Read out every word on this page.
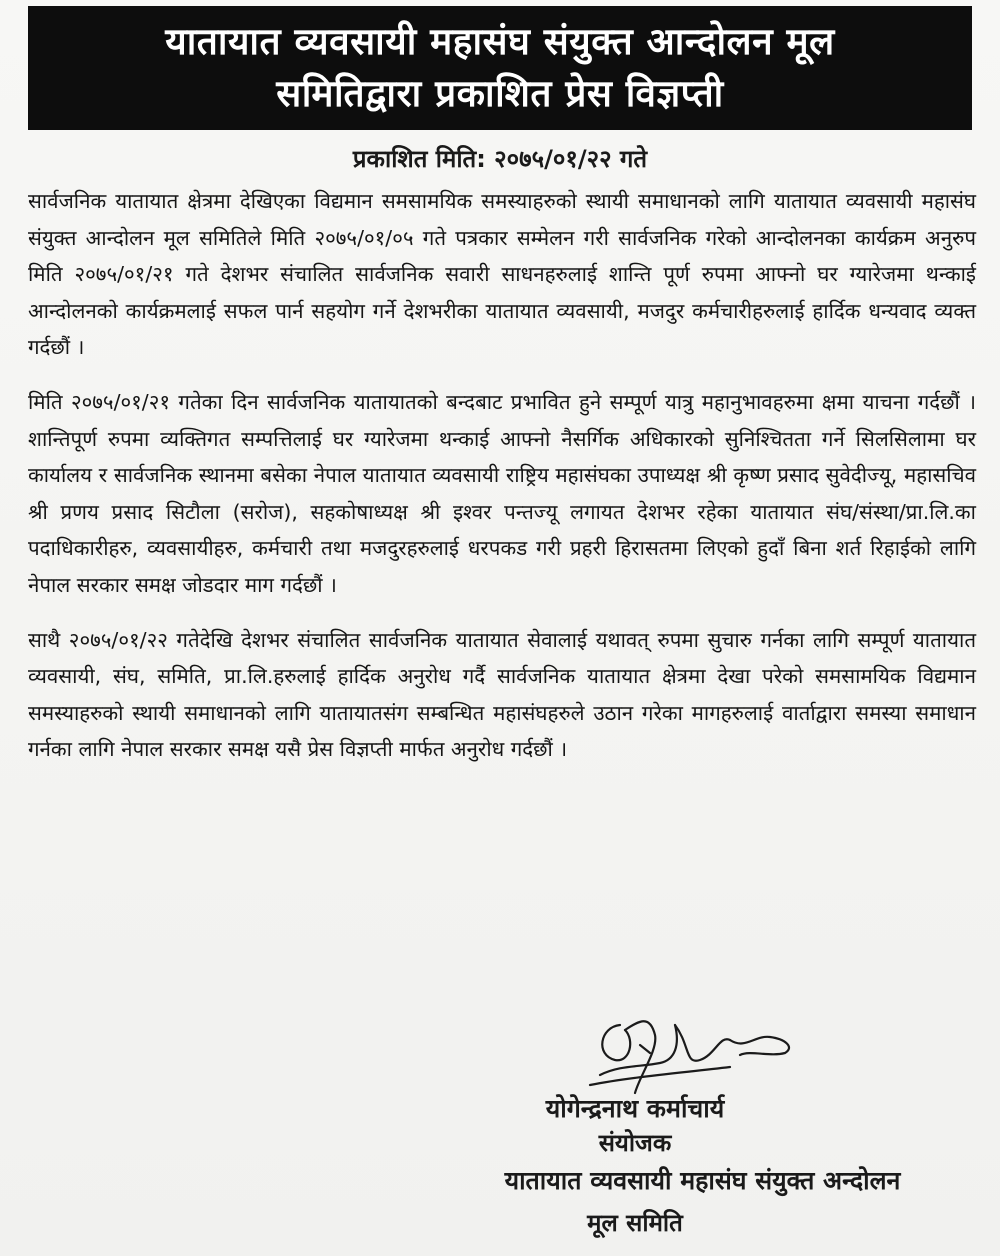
यातायात व्यवसायी महासंघ संयुक्त आन्दोलन मूल
समितिद्वारा प्रकाशित प्रेस विज्ञप्ती
प्रकाशित मिति: २०७५/०१/२२ गते

सार्वजनिक यातायात क्षेत्रमा देखिएका विद्यमान समसामयिक समस्याहरुको स्थायी समाधानको लागि यातायात व्यवसायी महासंघ संयुक्त आन्दोलन मूल समितिले मिति २०७५/०१/०५ गते पत्रकार सम्मेलन गरी सार्वजनिक गरेको आन्दोलनका कार्यक्रम अनुरुप मिति २०७५/०१/२१ गते देशभर संचालित सार्वजनिक सवारी साधनहरुलाई शान्ति पूर्ण रुपमा आफ्नो घर ग्यारेजमा थन्काई आन्दोलनको कार्यक्रमलाई सफल पार्न सहयोग गर्ने देशभरीका यातायात व्यवसायी, मजदुर कर्मचारीहरुलाई हार्दिक धन्यवाद व्यक्त गर्दछौं ।

मिति २०७५/०१/२१ गतेका दिन सार्वजनिक यातायातको बन्दबाट प्रभावित हुने सम्पूर्ण यात्रु महानुभावहरुमा क्षमा याचना गर्दछौं । शान्तिपूर्ण रुपमा व्यक्तिगत सम्पत्तिलाई घर ग्यारेजमा थन्काई आफ्नो नैसर्गिक अधिकारको सुनिश्चितता गर्ने सिलसिलामा घर कार्यालय र सार्वजनिक स्थानमा बसेका नेपाल यातायात व्यवसायी राष्ट्रिय महासंघका उपाध्यक्ष श्री कृष्ण प्रसाद सुवेदीज्यू, महासचिव श्री प्रणय प्रसाद सिटौला (सरोज), सहकोषाध्यक्ष श्री इश्वर पन्तज्यू लगायत देशभर रहेका यातायात संघ/संस्था/प्रा.लि.का पदाधिकारीहरु, व्यवसायीहरु, कर्मचारी तथा मजदुरहरुलाई धरपकड गरी प्रहरी हिरासतमा लिएको हुदाँ बिना शर्त रिहाईको लागि नेपाल सरकार समक्ष जोडदार माग गर्दछौं ।

साथै २०७५/०१/२२ गतेदेखि देशभर संचालित सार्वजनिक यातायात सेवालाई यथावत् रुपमा सुचारु गर्नका लागि सम्पूर्ण यातायात व्यवसायी, संघ, समिति, प्रा.लि.हरुलाई हार्दिक अनुरोध गर्दै सार्वजनिक यातायात क्षेत्रमा देखा परेको समसामयिक विद्यमान समस्याहरुको स्थायी समाधानको लागि यातायातसंग सम्बन्धित महासंघहरुले उठान गरेका मागहरुलाई वार्ताद्वारा समस्या समाधान गर्नका लागि नेपाल सरकार समक्ष यसै प्रेस विज्ञप्ती मार्फत अनुरोध गर्दछौं ।

योगेन्द्रनाथ कर्माचार्य
संयोजक
यातायात व्यवसायी महासंघ संयुक्त अन्दोलन
मूल समिति
